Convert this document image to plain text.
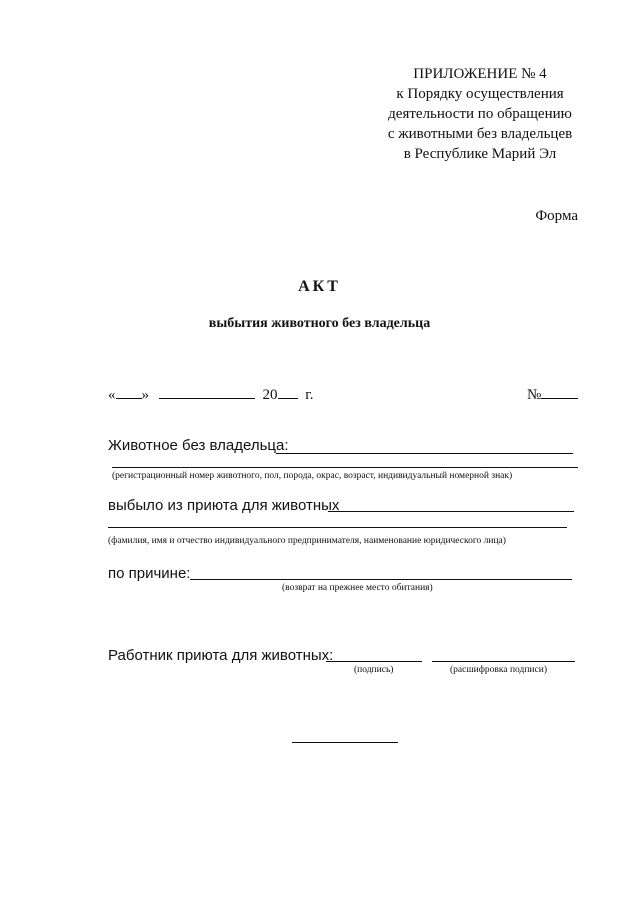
ПРИЛОЖЕНИЕ № 4
к Порядку осуществления
деятельности по обращению
с животными без владельцев
в Республике Марий Эл
Форма
АКТ
выбытия животного без владельца
« »	20 г.	№
Животное без владельца:
(регистрационный номер животного, пол, порода, окрас, возраст, индивидуальный номерной знак)
выбыло из приюта для животных
(фамилия, имя и отчество индивидуального предпринимателя, наименование юридического лица)
по причине:
(возврат на прежнее место обитания)
Работник приюта для животных:
(подпись)	(расшифровка подписи)
